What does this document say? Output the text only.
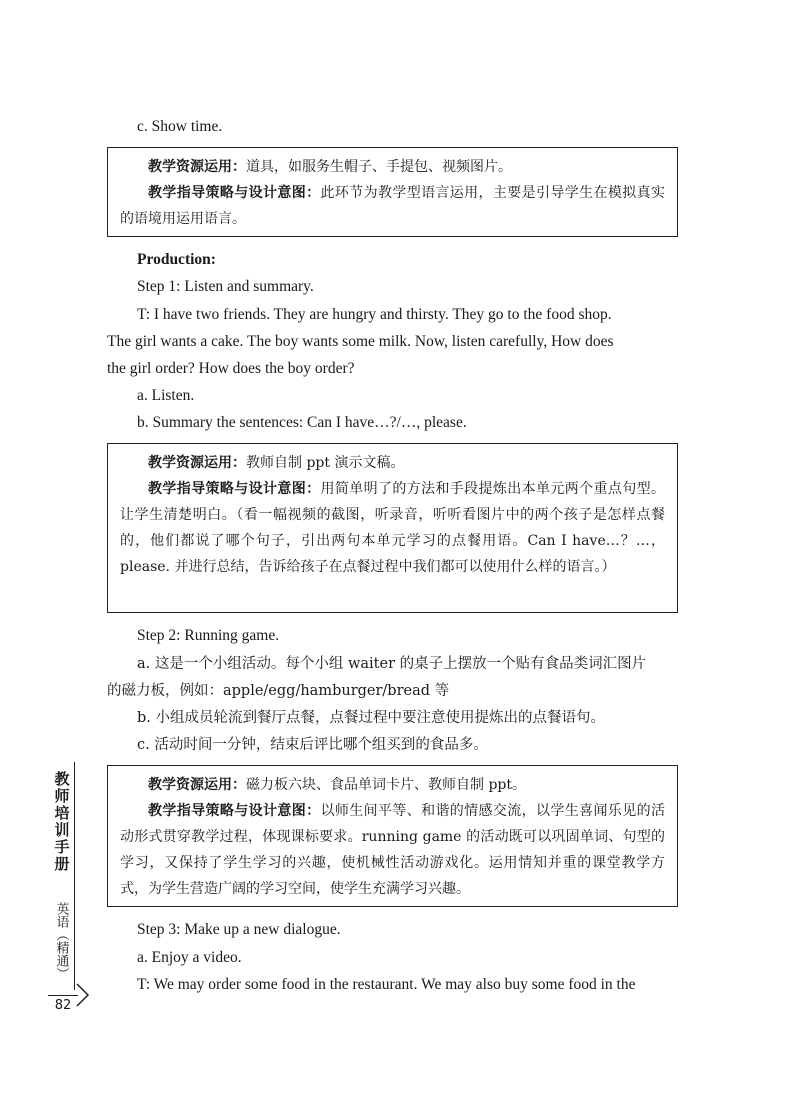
c. Show time.

教学资源运用：道具，如服务生帽子、手提包、视频图片。

教学指导策略与设计意图：此环节为教学型语言运用，主要是引导学生在模拟真实的语境用运用语言。

Production:
Step 1: Listen and summary.
T: I have two friends. They are hungry and thirsty. They go to the food shop.
The girl wants a cake. The boy wants some milk. Now, listen carefully, How does
the girl order? How does the boy order?
a. Listen.
b. Summary the sentences: Can I have…?/…, please.

教学资源运用：教师自制 ppt 演示文稿。

教学指导策略与设计意图：用简单明了的方法和手段提炼出本单元两个重点句型。让学生清楚明白。（看一幅视频的截图，听录音，听听看图片中的两个孩子是怎样点餐的，他们都说了哪个句子，引出两句本单元学习的点餐用语。Can I have…？…，please. 并进行总结，告诉给孩子在点餐过程中我们都可以使用什么样的语言。）

Step 2: Running game.
a. 这是一个小组活动。每个小组 waiter 的桌子上摆放一个贴有食品类词汇图片
的磁力板，例如：apple/egg/hamburger/bread 等
b. 小组成员轮流到餐厅点餐，点餐过程中要注意使用提炼出的点餐语句。
c. 活动时间一分钟，结束后评比哪个组买到的食品多。

教学资源运用：磁力板六块、食品单词卡片、教师自制 ppt。

教学指导策略与设计意图：以师生间平等、和谐的情感交流，以学生喜闻乐见的活动形式贯穿教学过程，体现课标要求。running game 的活动既可以巩固单词、句型的学习，又保持了学生学习的兴趣，使机械性活动游戏化。运用情知并重的课堂教学方式，为学生营造广阔的学习空间，使学生充满学习兴趣。

Step 3: Make up a new dialogue.
a. Enjoy a video.
T: We may order some food in the restaurant. We may also buy some food in the
教师培训手册
英语（精通）
82
